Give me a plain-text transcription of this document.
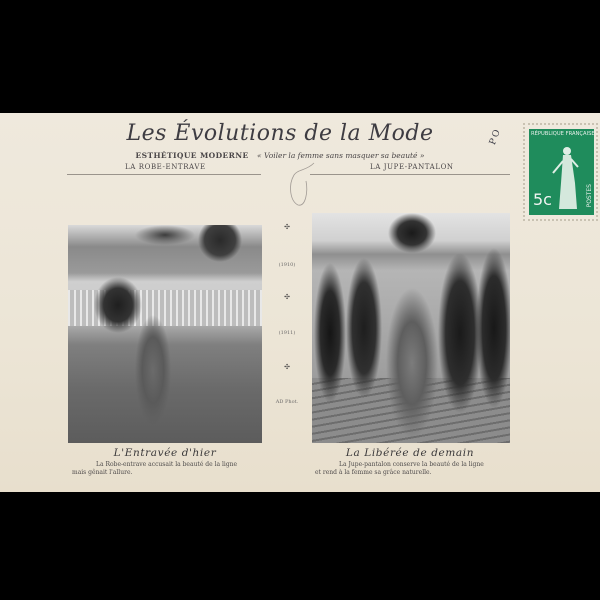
Les Évolutions de la Mode
ESTHÉTIQUE MODERNE « Voiler la femme sans masquer sa beauté »
LA ROBE-ENTRAVE	LA JUPE-PANTALON
✣
(1910)
✣
(1911)
✣
AD Phot.
L'Entravée d'hier
La Robe-entrave accusait la beauté de la ligne
mais gênait l'allure.
La Libérée de demain
La Jupe-pantalon conserve la beauté de la ligne
et rend à la femme sa grâce naturelle.
PO	RÉPUBLIQUE FRANÇAISE
5c	POSTES
